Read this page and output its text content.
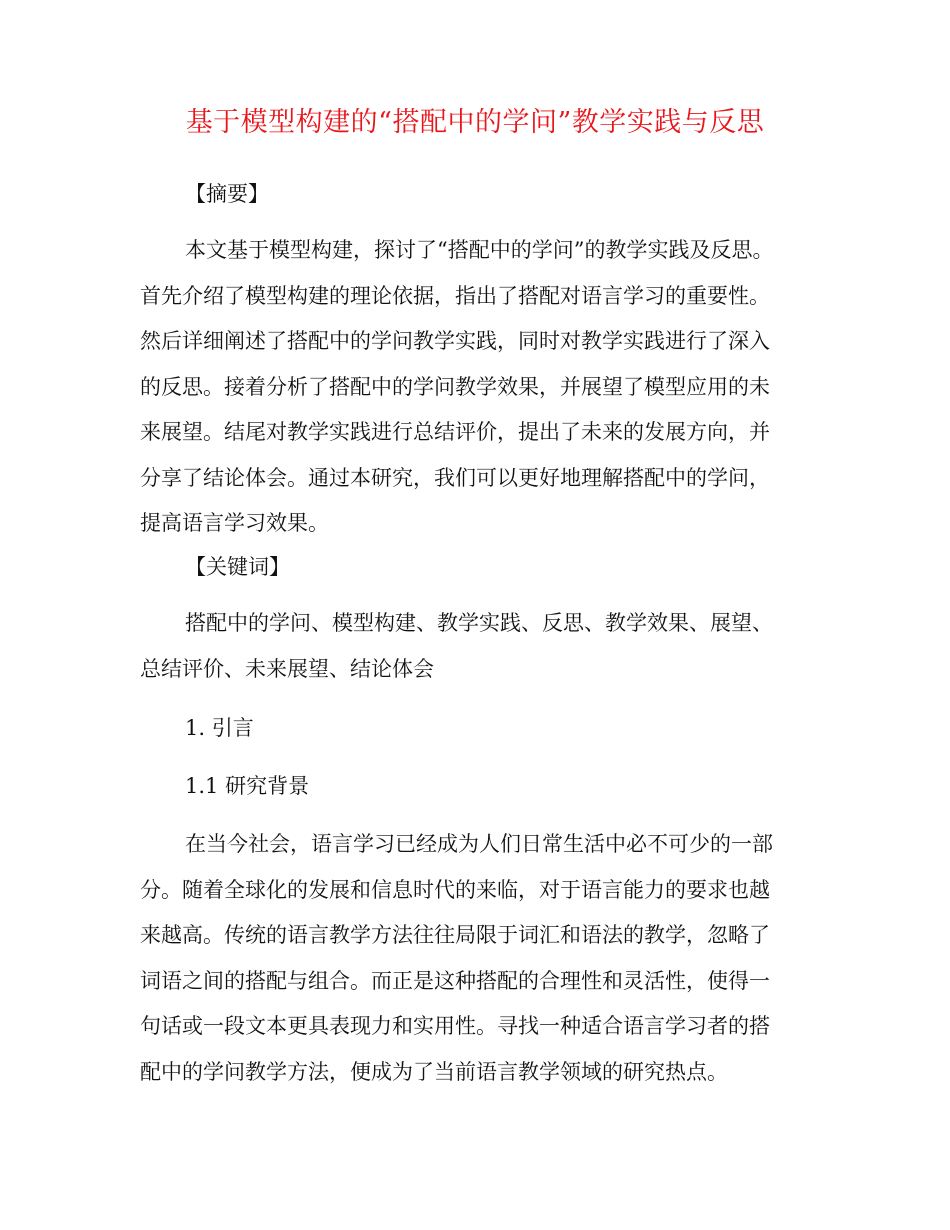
基于模型构建的“搭配中的学问”教学实践与反思
【摘要】
本文基于模型构建，探讨了“搭配中的学问”的教学实践及反思。
首先介绍了模型构建的理论依据，指出了搭配对语言学习的重要性。
然后详细阐述了搭配中的学问教学实践，同时对教学实践进行了深入
的反思。接着分析了搭配中的学问教学效果，并展望了模型应用的未
来展望。结尾对教学实践进行总结评价，提出了未来的发展方向，并
分享了结论体会。通过本研究，我们可以更好地理解搭配中的学问，
提高语言学习效果。
【关键词】
搭配中的学问、模型构建、教学实践、反思、教学效果、展望、
总结评价、未来展望、结论体会
1. 引言
1.1 研究背景
在当今社会，语言学习已经成为人们日常生活中必不可少的一部
分。随着全球化的发展和信息时代的来临，对于语言能力的要求也越
来越高。传统的语言教学方法往往局限于词汇和语法的教学，忽略了
词语之间的搭配与组合。而正是这种搭配的合理性和灵活性，使得一
句话或一段文本更具表现力和实用性。寻找一种适合语言学习者的搭
配中的学问教学方法，便成为了当前语言教学领域的研究热点。
